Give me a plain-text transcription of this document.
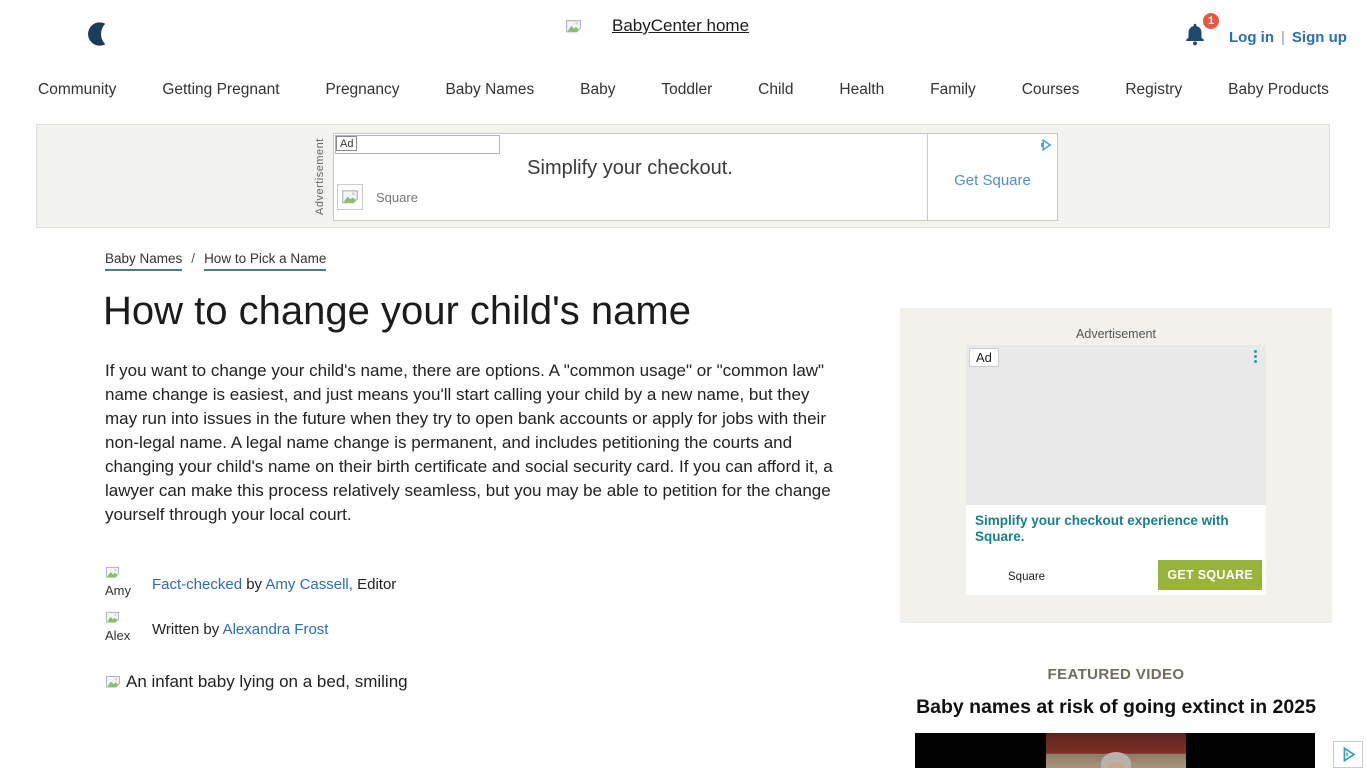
BabyCenter home	1
Log in | Sign up
Community	Getting Pregnant	Pregnancy	Baby Names	Baby	Toddler	Child	Health	Family	Courses	Registry	Baby Products
Advertisement	Ad
Square
Simplify your checkout.
Get Square
Baby Names / How to Pick a Name
How to change your child's name

If you want to change your child's name, there are options. A "common usage" or "common law" name change is easiest, and just means you'll start calling your child by a new name, but they may run into issues in the future when they try to open bank accounts or apply for jobs with their non-legal name. A legal name change is permanent, and includes petitioning the courts and changing your child's name on their birth certificate and social security card. If you can afford it, a lawyer can make this process relatively seamless, but you may be able to petition for the change yourself through your local court.

Amy	Fact-checked by Amy Cassell, Editor
Alex	Written by Alexandra Frost
An infant baby lying on a bed, smiling
Advertisement
Ad
Simplify your checkout experience with Square.
Square	GET SQUARE
FEATURED VIDEO
Baby names at risk of going extinct in 2025
